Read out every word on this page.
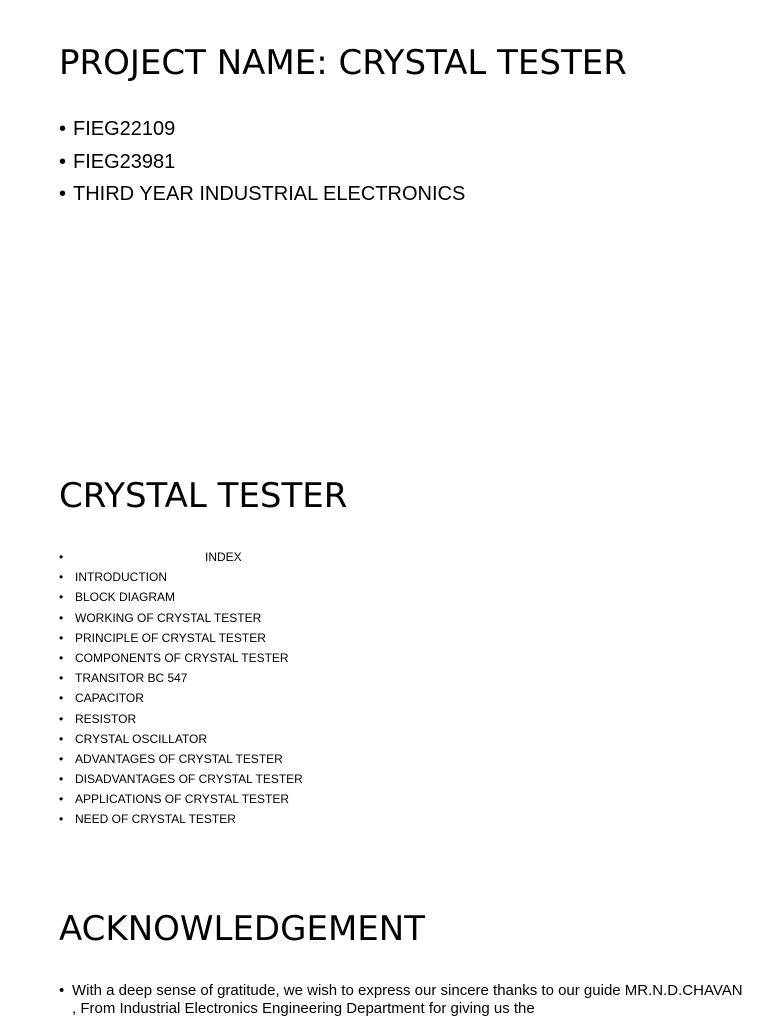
PROJECT NAME: CRYSTAL TESTER
• FIEG22109
• FIEG23981
• THIRD YEAR INDUSTRIAL ELECTRONICS
CRYSTAL TESTER
•	INDEX
• INTRODUCTION
• BLOCK DIAGRAM
• WORKING OF CRYSTAL TESTER
• PRINCIPLE OF CRYSTAL TESTER
• COMPONENTS OF CRYSTAL TESTER
• TRANSITOR BC 547
• CAPACITOR
• RESISTOR
• CRYSTAL OSCILLATOR
• ADVANTAGES OF CRYSTAL TESTER
• DISADVANTAGES OF CRYSTAL TESTER
• APPLICATIONS OF CRYSTAL TESTER
• NEED OF CRYSTAL TESTER
ACKNOWLEDGEMENT
• With a deep sense of gratitude, we wish to express our sincere thanks to our guide MR.N.D.CHAVAN , From Industrial Electronics Engineering Department for giving us the
